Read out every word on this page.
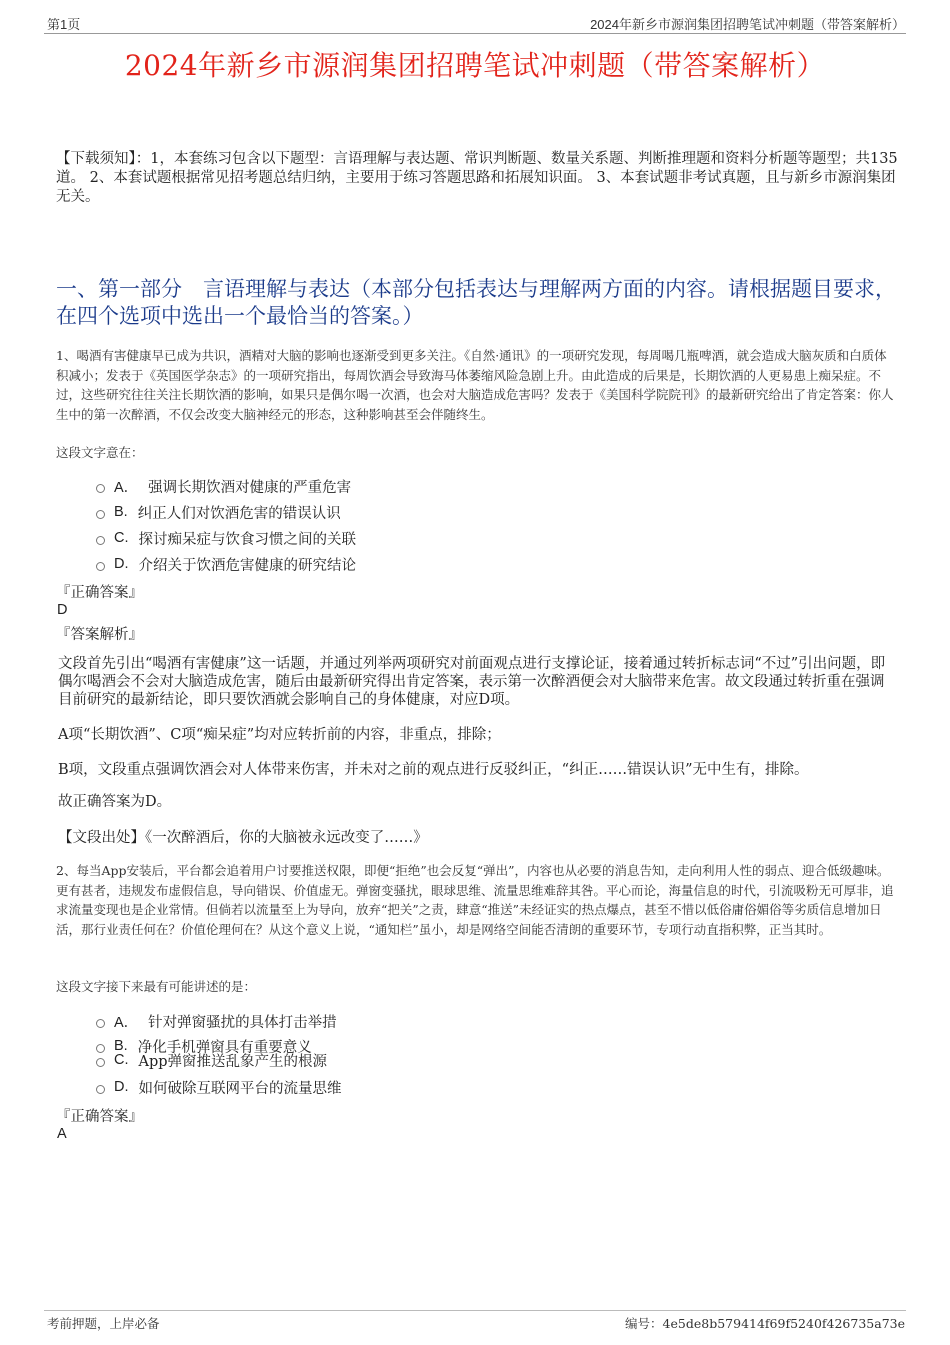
第1页	2024年新乡市源润集团招聘笔试冲刺题（带答案解析）
2024年新乡市源润集团招聘笔试冲刺题（带答案解析）
【下载须知】：1，本套练习包含以下题型：言语理解与表达题、常识判断题、数量关系题、判断推理题和资料分析题等题型；共135道。 2、本套试题根据常见招考题总结归纳，主要用于练习答题思路和拓展知识面。 3、本套试题非考试真题，且与新乡市源润集团无关。
一、第一部分　言语理解与表达（本部分包括表达与理解两方面的内容。请根据题目要求，在四个选项中选出一个最恰当的答案。）
1、喝酒有害健康早已成为共识，酒精对大脑的影响也逐渐受到更多关注。《自然·通讯》的一项研究发现，每周喝几瓶啤酒，就会造成大脑灰质和白质体积减小；发表于《英国医学杂志》的一项研究指出，每周饮酒会导致海马体萎缩风险急剧上升。由此造成的后果是，长期饮酒的人更易患上痴呆症。不过，这些研究往往关注长期饮酒的影响，如果只是偶尔喝一次酒，也会对大脑造成危害吗？发表于《美国科学院院刊》的最新研究给出了肯定答案：你人生中的第一次醉酒，不仅会改变大脑神经元的形态，这种影响甚至会伴随终生。
这段文字意在：
A． 强调长期饮酒对健康的严重危害
B. 纠正人们对饮酒危害的错误认识
C. 探讨痴呆症与饮食习惯之间的关联
D. 介绍关于饮酒危害健康的研究结论
『正确答案』
D
『答案解析』
文段首先引出“喝酒有害健康”这一话题，并通过列举两项研究对前面观点进行支撑论证，接着通过转折标志词“不过”引出问题，即偶尔喝酒会不会对大脑造成危害，随后由最新研究得出肯定答案，表示第一次醉酒便会对大脑带来危害。故文段通过转折重在强调目前研究的最新结论，即只要饮酒就会影响自己的身体健康，对应D项。
A项“长期饮酒”、C项“痴呆症”均对应转折前的内容，非重点，排除；
B项，文段重点强调饮酒会对人体带来伤害，并未对之前的观点进行反驳纠正，“纠正……错误认识”无中生有，排除。
故正确答案为D。
【文段出处】《一次醉酒后，你的大脑被永远改变了……》
2、每当App安装后，平台都会追着用户讨要推送权限，即便“拒绝”也会反复“弹出”，内容也从必要的消息告知，走向利用人性的弱点、迎合低级趣味。更有甚者，违规发布虚假信息，导向错误、价值虚无。弹窗变骚扰，眼球思维、流量思维难辞其咎。平心而论，海量信息的时代，引流吸粉无可厚非，追求流量变现也是企业常情。但倘若以流量至上为导向，放弃“把关”之责，肆意“推送”未经证实的热点爆点，甚至不惜以低俗庸俗媚俗等劣质信息增加日活，那行业责任何在？价值伦理何在？从这个意义上说，“通知栏”虽小，却是网络空间能否清朗的重要环节，专项行动直指积弊，正当其时。
这段文字接下来最有可能讲述的是：
A． 针对弹窗骚扰的具体打击举措
B. 净化手机弹窗具有重要意义
C. App弹窗推送乱象产生的根源
D. 如何破除互联网平台的流量思维
『正确答案』
A
考前押题，上岸必备	编号：4e5de8b579414f69f5240f426735a73e
